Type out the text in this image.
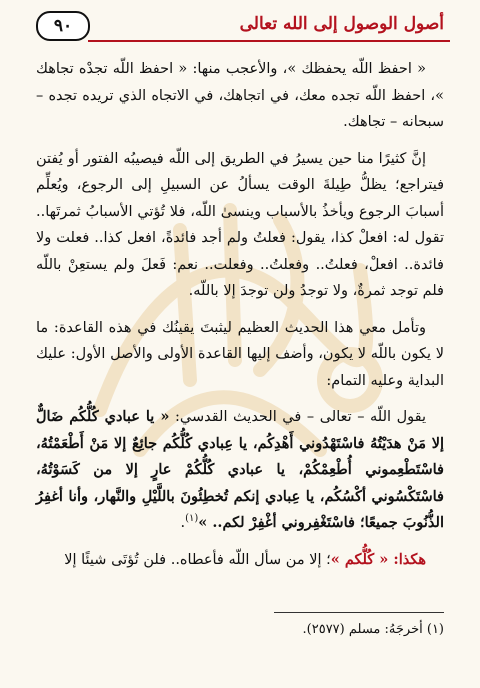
أصول الوصول إلى الله تعالى
٩٠

« احفظ اللّه يحفظك »، والأعجب منها: « احفظ اللّه تجدْه تجاهك »، احفظ اللّه تجده معك، في اتجاهك، في الاتجاه الذي تريده تجده – سبحانه – تجاهك.

إنَّ كثيرًا منا حين يسيرُ في الطريق إلى اللّه فيصيبُه الفتور أو يُفتن فيتراجع؛ يظلُّ طِيلةَ الوقت يسألُ عن السبيلِ إلى الرجوع، ويُعلِّم أسبابَ الرجوع ويأخذُ بالأسباب وينسىٰ اللّه، فلا تُؤتي الأسبابُ ثمرتَها.. تقول له: افعلْ كذا، يقول: فعلتُ ولم أجد فائدةً، افعل كذا.. فعلت ولا فائدة.. افعلْ، فعلتُ.. وفعلتُ.. وفعلت.. نعم: فَعلَ ولم يستعِنْ باللّه فلم توجد ثمرةٌ، ولا توجدُ ولن توجدَ إلا باللّه.

وتأمل معي هذا الحديث العظيم ليثبتَ يقينُك في هذه القاعدة: ما لا يكون باللّه لا يكون، وأضف إليها القاعدة الأولى والأصل الأول: عليك البداية وعليه التمام:

يقول اللّه – تعالى – في الحديث القدسي: « يا عبادي كُلُّكُم ضَالٌّ إلا مَنْ هدَيْتُهُ فاسْتَهْدُوني أَهْدِكُم، يا عِبادي كُلُّكُم جائِعٌ إلا مَنْ أَطْعَمْتُهُ، فاسْتَطْعِموني أُطْعِمْكُمْ، يا عبادي كُلُّكُمْ عارٍ إلا من كَسَوْتُهُ، فاسْتَكْسُوني أكْسُكُم، يا عِبادي إنكم تُخطِئُونَ باللَّيْلِ والنَّهار، وأنا أغفِرُ الذُّنُوبَ جميعًا؛ فاسْتَغْفِروني أغْفِرْ لكم.. »$^{(١)}$.

هكذا: « كُلُّكم »؛ إلا من سأل اللّه فأعطاه.. فلن تُؤتَى شيئًا إلا

(١) أخرجَهُ: مسلم (٢٥٧٧).
